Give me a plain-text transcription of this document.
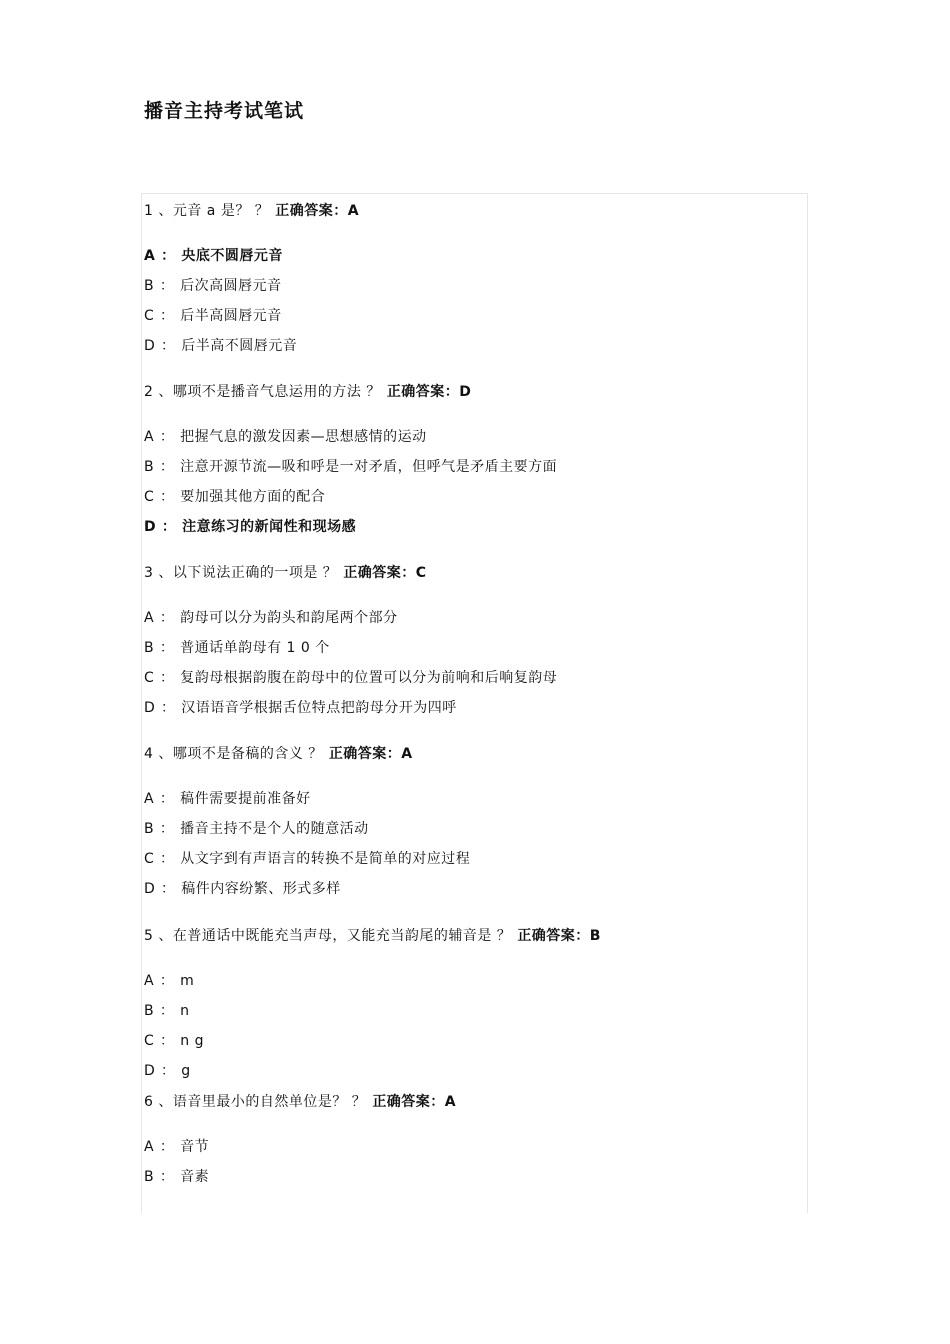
播音主持考试笔试
1 、元音 a 是？ ？ 正确答案：A
A ： 央底不圆唇元音
B ： 后次高圆唇元音
C ： 后半高圆唇元音
D ： 后半高不圆唇元音
2 、哪项不是播音气息运用的方法 ？ 正确答案：D
A ： 把握气息的激发因素—思想感情的运动
B ： 注意开源节流—吸和呼是一对矛盾，但呼气是矛盾主要方面
C ： 要加强其他方面的配合
D ： 注意练习的新闻性和现场感
3 、以下说法正确的一项是 ？ 正确答案：C
A ： 韵母可以分为韵头和韵尾两个部分
B ： 普通话单韵母有 1 0 个
C ： 复韵母根据韵腹在韵母中的位置可以分为前响和后响复韵母
D ： 汉语语音学根据舌位特点把韵母分开为四呼
4 、哪项不是备稿的含义 ？ 正确答案：A
A ： 稿件需要提前准备好
B ： 播音主持不是个人的随意活动
C ： 从文字到有声语言的转换不是简单的对应过程
D ： 稿件内容纷繁、形式多样
5 、在普通话中既能充当声母，又能充当韵尾的辅音是 ？ 正确答案：B
A ： m
B ： n
C ： n g
D ： g
6 、语音里最小的自然单位是？ ？ 正确答案：A
A ： 音节
B ： 音素
